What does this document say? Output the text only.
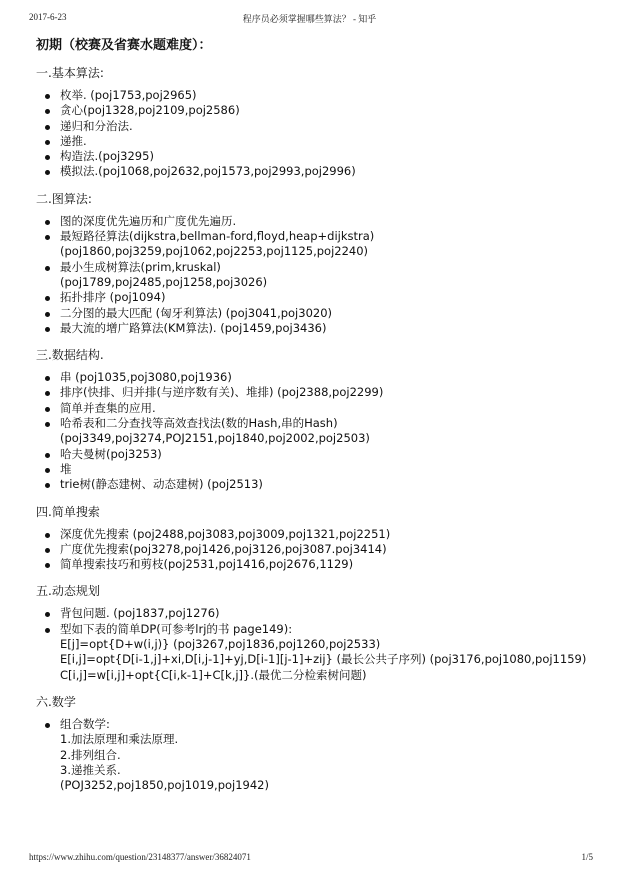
2017-6-23	程序员必须掌握哪些算法？ - 知乎
初期（校赛及省赛水题难度）：
一.基本算法:
枚举. (poj1753,poj2965)
贪心(poj1328,poj2109,poj2586)
递归和分治法.
递推.
构造法.(poj3295)
模拟法.(poj1068,poj2632,poj1573,poj2993,poj2996)
二.图算法:
图的深度优先遍历和广度优先遍历.
最短路径算法(dijkstra,bellman-ford,floyd,heap+dijkstra)
(poj1860,poj3259,poj1062,poj2253,poj1125,poj2240)
最小生成树算法(prim,kruskal)
(poj1789,poj2485,poj1258,poj3026)
拓扑排序 (poj1094)
二分图的最大匹配 (匈牙利算法) (poj3041,poj3020)
最大流的增广路算法(KM算法). (poj1459,poj3436)
三.数据结构.
串 (poj1035,poj3080,poj1936)
排序(快排、归并排(与逆序数有关)、堆排) (poj2388,poj2299)
简单并查集的应用.
哈希表和二分查找等高效查找法(数的Hash,串的Hash)
(poj3349,poj3274,POJ2151,poj1840,poj2002,poj2503)
哈夫曼树(poj3253)
堆
trie树(静态建树、动态建树) (poj2513)
四.简单搜索
深度优先搜索 (poj2488,poj3083,poj3009,poj1321,poj2251)
广度优先搜索(poj3278,poj1426,poj3126,poj3087.poj3414)
简单搜索技巧和剪枝(poj2531,poj1416,poj2676,1129)
五.动态规划
背包问题. (poj1837,poj1276)
型如下表的简单DP(可参考lrj的书 page149):
E[j]=opt{D+w(i,j)} (poj3267,poj1836,poj1260,poj2533)
E[i,j]=opt{D[i-1,j]+xi,D[i,j-1]+yj,D[i-1][j-1]+zij} (最长公共子序列) (poj3176,poj1080,poj1159)
C[i,j]=w[i,j]+opt{C[i,k-1]+C[k,j]}.(最优二分检索树问题)
六.数学
组合数学:
1.加法原理和乘法原理.
2.排列组合.
3.递推关系.
(POJ3252,poj1850,poj1019,poj1942)
https://www.zhihu.com/question/23148377/answer/36824071	1/5
